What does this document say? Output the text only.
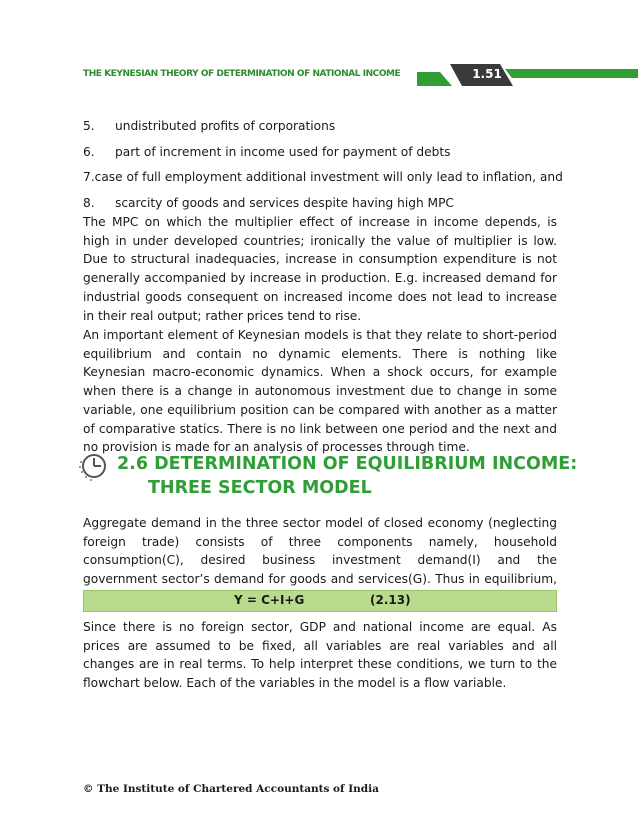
THE KEYNESIAN THEORY OF DETERMINATION OF NATIONAL INCOME	1.51
5.	undistributed profits of corporations
6.	part of increment in income used for payment of debts
7. case of full employment additional investment will only lead to inflation, and
8.	scarcity of goods and services despite having high MPC

The MPC on which the multiplier effect of increase in income depends, is high in under developed countries; ironically the value of multiplier is low. Due to structural inadequacies, increase in consumption expenditure is not generally accompanied by increase in production. E.g. increased demand for industrial goods consequent on increased income does not lead to increase in their real output; rather prices tend to rise.

An important element of Keynesian models is that they relate to short-period equilibrium and contain no dynamic elements. There is nothing like Keynesian macro-economic dynamics. When a shock occurs, for example when there is a change in autonomous investment due to change in some variable, one equilibrium position can be compared with another as a matter of comparative statics. There is no link between one period and the next and no provision is made for an analysis of processes through time.

2.6 DETERMINATION OF EQUILIBRIUM INCOME:
THREE SECTOR MODEL

Aggregate demand in the three sector model of closed economy (neglecting foreign trade) consists of three components namely, household consumption(C), desired business investment demand(I) and the government sector’s demand for goods and services(G). Thus in equilibrium,

Y = C+I+G	(2.13)

Since there is no foreign sector, GDP and national income are equal. As prices are assumed to be fixed, all variables are real variables and all changes are in real terms. To help interpret these conditions, we turn to the flowchart below. Each of the variables in the model is a flow variable.

© The Institute of Chartered Accountants of India
